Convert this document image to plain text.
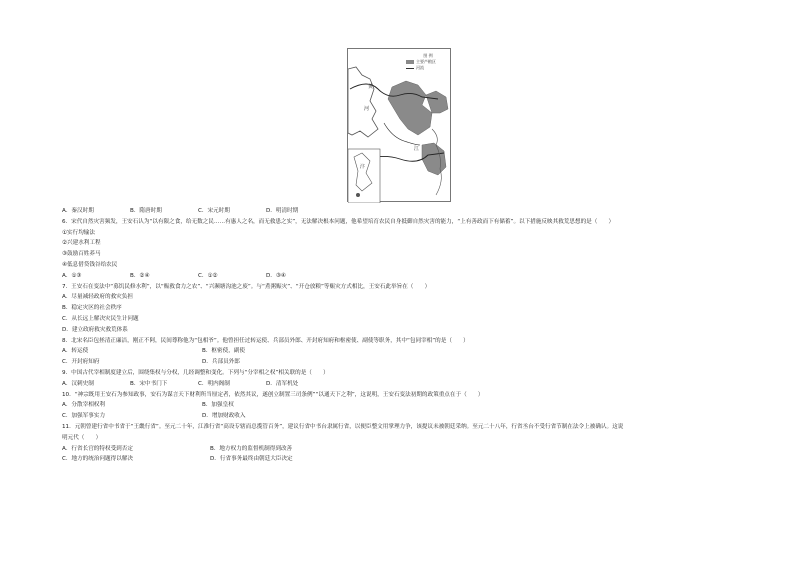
图 例
主要产粮区
河流
黄
河
江
汴
A．秦汉时期	B．隋唐时期	C．宋元时期	D．明清时期
6．宋代自然灾害频发，王安石认为“以有限之食，给无数之民……有惠人之名，而无救患之实”，无法解决根本问题，他希望培育农民自身抵御自然灾害的能力，“上有善政而下有储蓄”。以下措施反映其救荒思想的是（　　）
①实行均输法
②兴建水利工程
③鼓励百姓养马
④低息借贷钱谷给农民
A．①③	B．②④	C．①②	D．③④
7．王安石在变法中“募饥民修水利”，以“赈救食力之农”、“兴濒塘沟池之废”。与“煮粥赈灾”、“开仓放粮”等赈灾方式相比，王安石此举旨在（　　）
A．尽量减轻政府的救灾负担
B．稳定灾区的社会秩序
C．从长远上解决灾民生计问题
D．建立政府救灾救荒体系
8．北宋名臣包拯清正廉洁，刚正不阿，民间尊称他为“包相爷”。他曾担任过转运使、兵部员外郎、开封府知府和枢密使、副使等职务，其中“包同宰相”的是（　　）
A．转运使	B．枢密使，副使
C．开封府知府	D．兵部员外郎
9．中国古代宰相制度建立后，围绕集权与分权，几经调整和变化。下列与“分宰相之权”相关联的是（　　）
A．汉刺史制	B．宋中书门下	C．明内阁制	D．清军机处
10．“神宗既用王安石为参知政事，安石为谋言天下财利所当厘定者，依然其议，遂创立制置三司条例”“以通天下之利”，这说明，王安石变法初期的政策重点在于（　　）
A．分散宰相权利	B．加强皇权
C．加强军事实力	D．增加财政收入
11．元朝曾建行省中书省于“王畿行省”。至元二十年，江淮行省“高设专辖而总揽管百务”，建议行省中书台隶属行省，以便臣整文用掌理力争，该提议未被朝廷采纳。至元二十八年，行省丞台不受行省节制在法令上被确认。这说
明元代（　　）
A．行省长官的特权受到否定	B．地方权力的监督机制得到改善
C．地方的统治问题得以解决	D．行省事务最终由朝廷大臣决定
